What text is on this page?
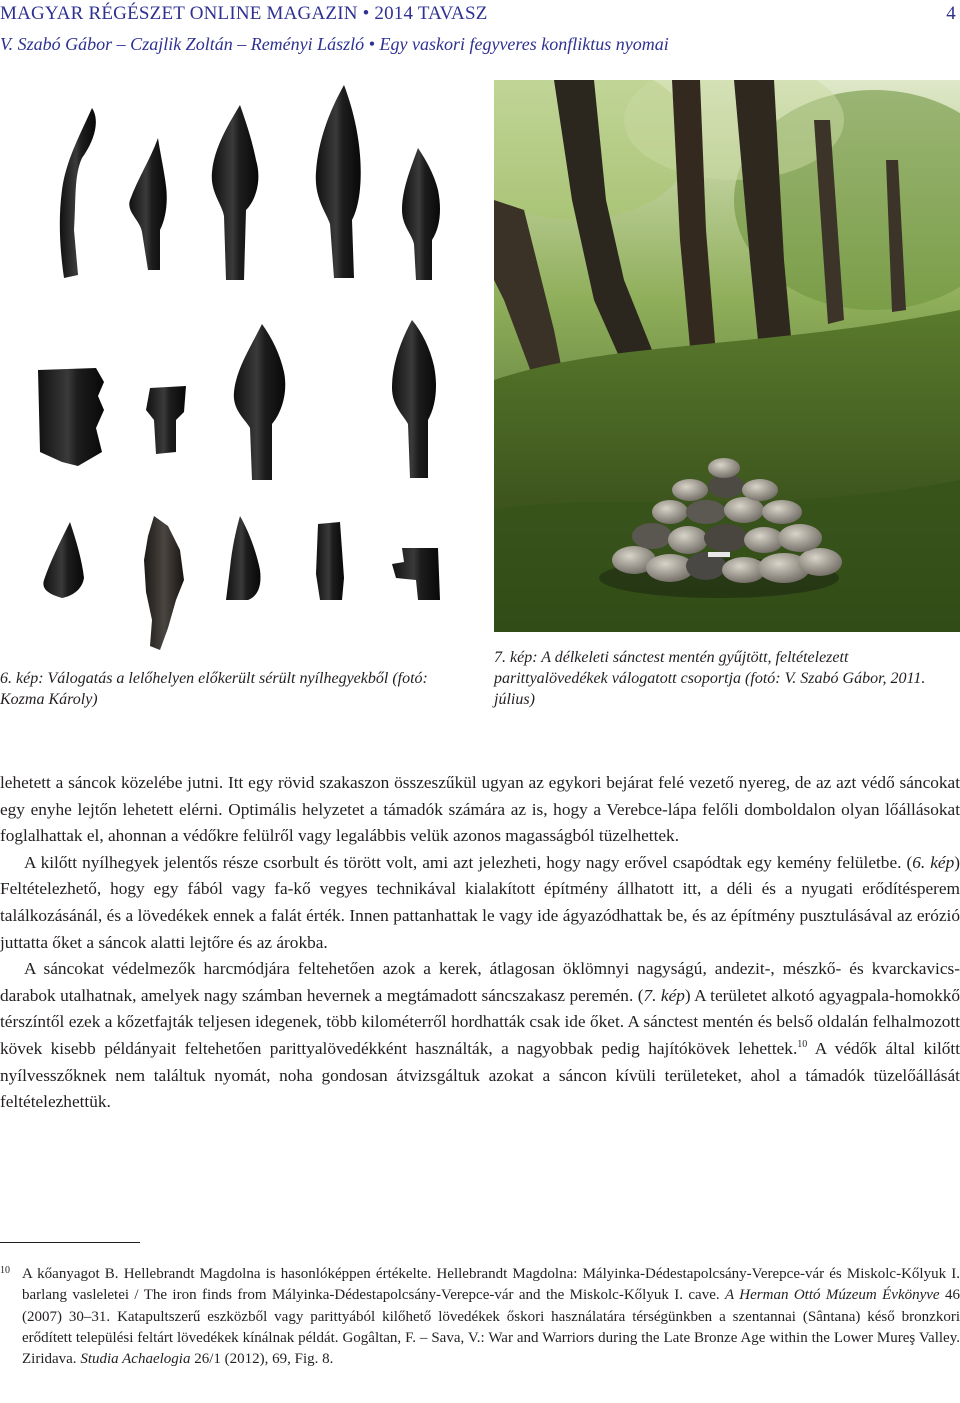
MAGYAR RÉGÉSZET ONLINE MAGAZIN • 2014 TAVASZ	4
V. Szabó Gábor – Czajlik Zoltán – Reményi László • Egy vaskori fegyveres konfliktus nyomai
6. kép: Válogatás a lelőhelyen előkerült sérült nyílhegyekből (fotó: Kozma Károly)
7. kép: A délkeleti sánctest mentén gyűjtött, feltételezett parittyalövedékek válogatott csoportja (fotó: V. Szabó Gábor, 2011. július)

lehetett a sáncok közelébe jutni. Itt egy rövid szakaszon összeszűkül ugyan az egykori bejárat felé vezető nyereg, de az azt védő sáncokat egy enyhe lejtőn lehetett elérni. Optimális helyzetet a támadók számára az is, hogy a Verebce-lápa felőli domboldalon olyan lőállásokat foglalhattak el, ahonnan a védőkre felülről vagy legalábbis velük azonos magasságból tüzelhettek.

A kilőtt nyílhegyek jelentős része csorbult és törött volt, ami azt jelezheti, hogy nagy erővel csapódtak egy kemény felületbe. (6. kép) Feltételezhető, hogy egy fából vagy fa-kő vegyes technikával kialakított építmény állhatott itt, a déli és a nyugati erődítésperem találkozásánál, és a lövedékek ennek a falát érték. Innen pattanhattak le vagy ide ágyazódhattak be, és az építmény pusztulásával az erózió juttatta őket a sáncok alatti lejtőre és az árokba.

A sáncokat védelmezők harcmódjára feltehetően azok a kerek, átlagosan öklömnyi nagyságú, andezit-, mészkő- és kvarckavics-darabok utalhatnak, amelyek nagy számban hevernek a megtámadott sáncszakasz peremén. (7. kép) A területet alkotó agyagpala-homokkő térszíntől ezek a kőzetfajták teljesen idegenek, több kilométerről hordhatták csak ide őket. A sánctest mentén és belső oldalán felhalmozott kövek kisebb példányait feltehetően parittyalövedékként használták, a nagyobbak pedig hajítókövek lehettek.$^{10}$ A védők által kilőtt nyílvesszőknek nem találtuk nyomát, noha gondosan átvizsgáltuk azokat a sáncon kívüli területeket, ahol a támadók tüzelőállását feltételezhettük.

10 A kőanyagot B. Hellebrandt Magdolna is hasonlóképpen értékelte. Hellebrandt Magdolna: Mályinka-Dédestapolcsány-Verepce-vár és Miskolc-Kőlyuk I. barlang vasleletei / The iron finds from Mályinka-Dédestapolcsány-Verepce-vár and the Miskolc-Kőlyuk I. cave. A Herman Ottó Múzeum Évkönyve 46 (2007) 30–31. Katapultszerű eszközből vagy parittyából kilőhető lövedékek őskori használatára térségünkben a szentannai (Sântana) késő bronzkori erődített települési feltárt lövedékek kínálnak példát. Gogâltan, F. – Sava, V.: War and Warriors during the Late Bronze Age within the Lower Mureş Valley. Ziridava. Studia Achaelogia 26/1 (2012), 69, Fig. 8.
